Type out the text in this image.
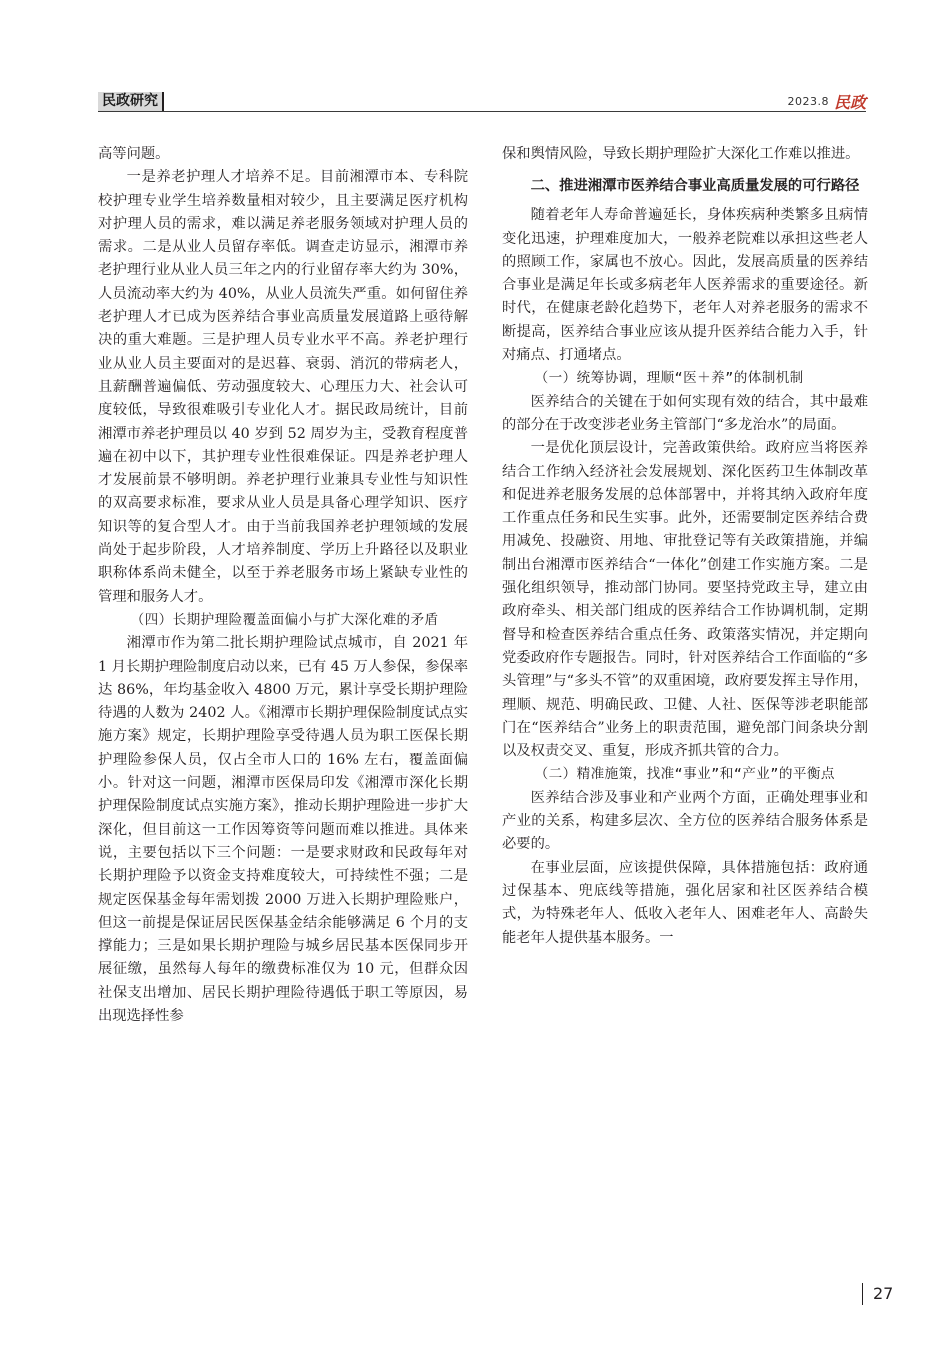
民政研究	2023.8 民政

高等问题。

一是养老护理人才培养不足。目前湘潭市本、专科院校护理专业学生培养数量相对较少，且主要满足医疗机构对护理人员的需求，难以满足养老服务领域对护理人员的需求。二是从业人员留存率低。调查走访显示，湘潭市养老护理行业从业人员三年之内的行业留存率大约为 30%，人员流动率大约为 40%，从业人员流失严重。如何留住养老护理人才已成为医养结合事业高质量发展道路上亟待解决的重大难题。三是护理人员专业水平不高。养老护理行业从业人员主要面对的是迟暮、衰弱、消沉的带病老人，且薪酬普遍偏低、劳动强度较大、心理压力大、社会认可度较低，导致很难吸引专业化人才。据民政局统计，目前湘潭市养老护理员以 40 岁到 52 周岁为主，受教育程度普遍在初中以下，其护理专业性很难保证。四是养老护理人才发展前景不够明朗。养老护理行业兼具专业性与知识性的双高要求标准，要求从业人员是具备心理学知识、医疗知识等的复合型人才。由于当前我国养老护理领域的发展尚处于起步阶段，人才培养制度、学历上升路径以及职业职称体系尚未健全，以至于养老服务市场上紧缺专业性的管理和服务人才。

（四）长期护理险覆盖面偏小与扩大深化难的矛盾

湘潭市作为第二批长期护理险试点城市，自 2021 年 1 月长期护理险制度启动以来，已有 45 万人参保，参保率达 86%，年均基金收入 4800 万元，累计享受长期护理险待遇的人数为 2402 人。《湘潭市长期护理保险制度试点实施方案》规定，长期护理险享受待遇人员为职工医保长期护理险参保人员，仅占全市人口的 16% 左右，覆盖面偏小。针对这一问题，湘潭市医保局印发《湘潭市深化长期护理保险制度试点实施方案》，推动长期护理险进一步扩大深化，但目前这一工作因筹资等问题而难以推进。具体来说，主要包括以下三个问题：一是要求财政和民政每年对长期护理险予以资金支持难度较大，可持续性不强；二是规定医保基金每年需划拨 2000 万进入长期护理险账户，但这一前提是保证居民医保基金结余能够满足 6 个月的支撑能力；三是如果长期护理险与城乡居民基本医保同步开展征缴，虽然每人每年的缴费标准仅为 10 元，但群众因社保支出增加、居民长期护理险待遇低于职工等原因，易出现选择性参

保和舆情风险，导致长期护理险扩大深化工作难以推进。

二、推进湘潭市医养结合事业高质量发展的可行路径

随着老年人寿命普遍延长，身体疾病种类繁多且病情变化迅速，护理难度加大，一般养老院难以承担这些老人的照顾工作，家属也不放心。因此，发展高质量的医养结合事业是满足年长或多病老年人医养需求的重要途径。新时代，在健康老龄化趋势下，老年人对养老服务的需求不断提高，医养结合事业应该从提升医养结合能力入手，针对痛点、打通堵点。

（一）统筹协调，理顺“医＋养”的体制机制

医养结合的关键在于如何实现有效的结合，其中最难的部分在于改变涉老业务主管部门“多龙治水”的局面。

一是优化顶层设计，完善政策供给。政府应当将医养结合工作纳入经济社会发展规划、深化医药卫生体制改革和促进养老服务发展的总体部署中，并将其纳入政府年度工作重点任务和民生实事。此外，还需要制定医养结合费用减免、投融资、用地、审批登记等有关政策措施，并编制出台湘潭市医养结合“一体化”创建工作实施方案。二是强化组织领导，推动部门协同。要坚持党政主导，建立由政府牵头、相关部门组成的医养结合工作协调机制，定期督导和检查医养结合重点任务、政策落实情况，并定期向党委政府作专题报告。同时，针对医养结合工作面临的“多头管理”与“多头不管”的双重困境，政府要发挥主导作用，理顺、规范、明确民政、卫健、人社、医保等涉老职能部门在“医养结合”业务上的职责范围，避免部门间条块分割以及权责交叉、重复，形成齐抓共管的合力。

（二）精准施策，找准“事业”和“产业”的平衡点

医养结合涉及事业和产业两个方面，正确处理事业和产业的关系，构建多层次、全方位的医养结合服务体系是必要的。

在事业层面，应该提供保障，具体措施包括：政府通过保基本、兜底线等措施，强化居家和社区医养结合模式，为特殊老年人、低收入老年人、困难老年人、高龄失能老年人提供基本服务。一

27
